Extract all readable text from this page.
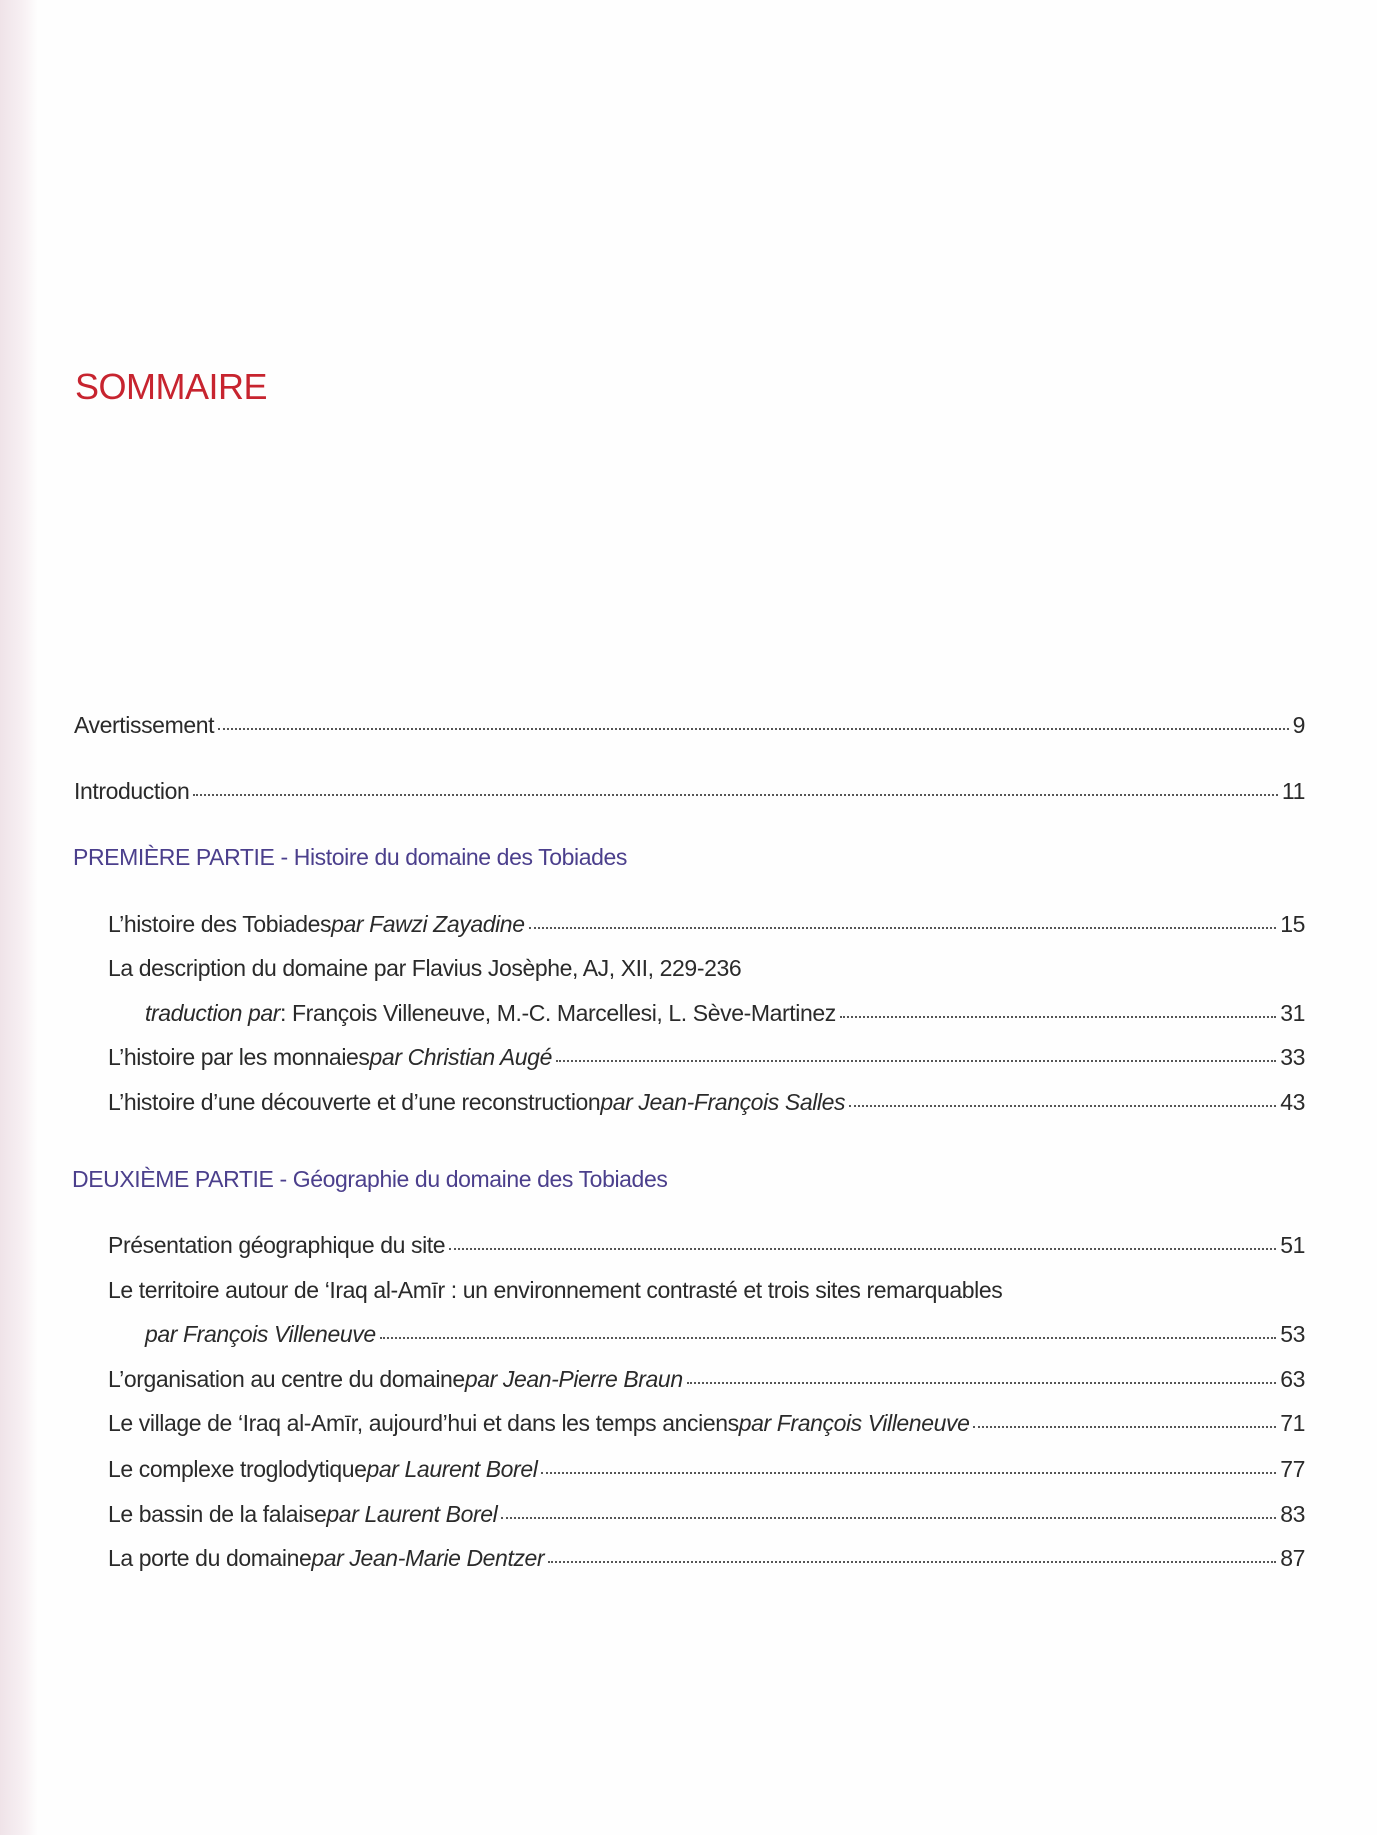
SOMMAIRE
Avertissement	9
Introduction	11
PREMIÈRE PARTIE - Histoire du domaine des Tobiades
L’histoire des Tobiades par Fawzi Zayadine	15
La description du domaine par Flavius Josèphe, AJ, XII, 229-236
traduction par : François Villeneuve, M.-C. Marcellesi, L. Sève-Martinez	31
L’histoire par les monnaies par Christian Augé	33
L’histoire d’une découverte et d’une reconstruction par Jean-François Salles	43
DEUXIÈME PARTIE - Géographie du domaine des Tobiades
Présentation géographique du site	51
Le territoire autour de ‘Iraq al-Amīr : un environnement contrasté et trois sites remarquables
par François Villeneuve	53
L’organisation au centre du domaine par Jean-Pierre Braun	63
Le village de ‘Iraq al-Amīr, aujourd’hui et dans les temps anciens par François Villeneuve	71
Le complexe troglodytique par Laurent Borel	77
Le bassin de la falaise par Laurent Borel	83
La porte du domaine par Jean-Marie Dentzer	87
